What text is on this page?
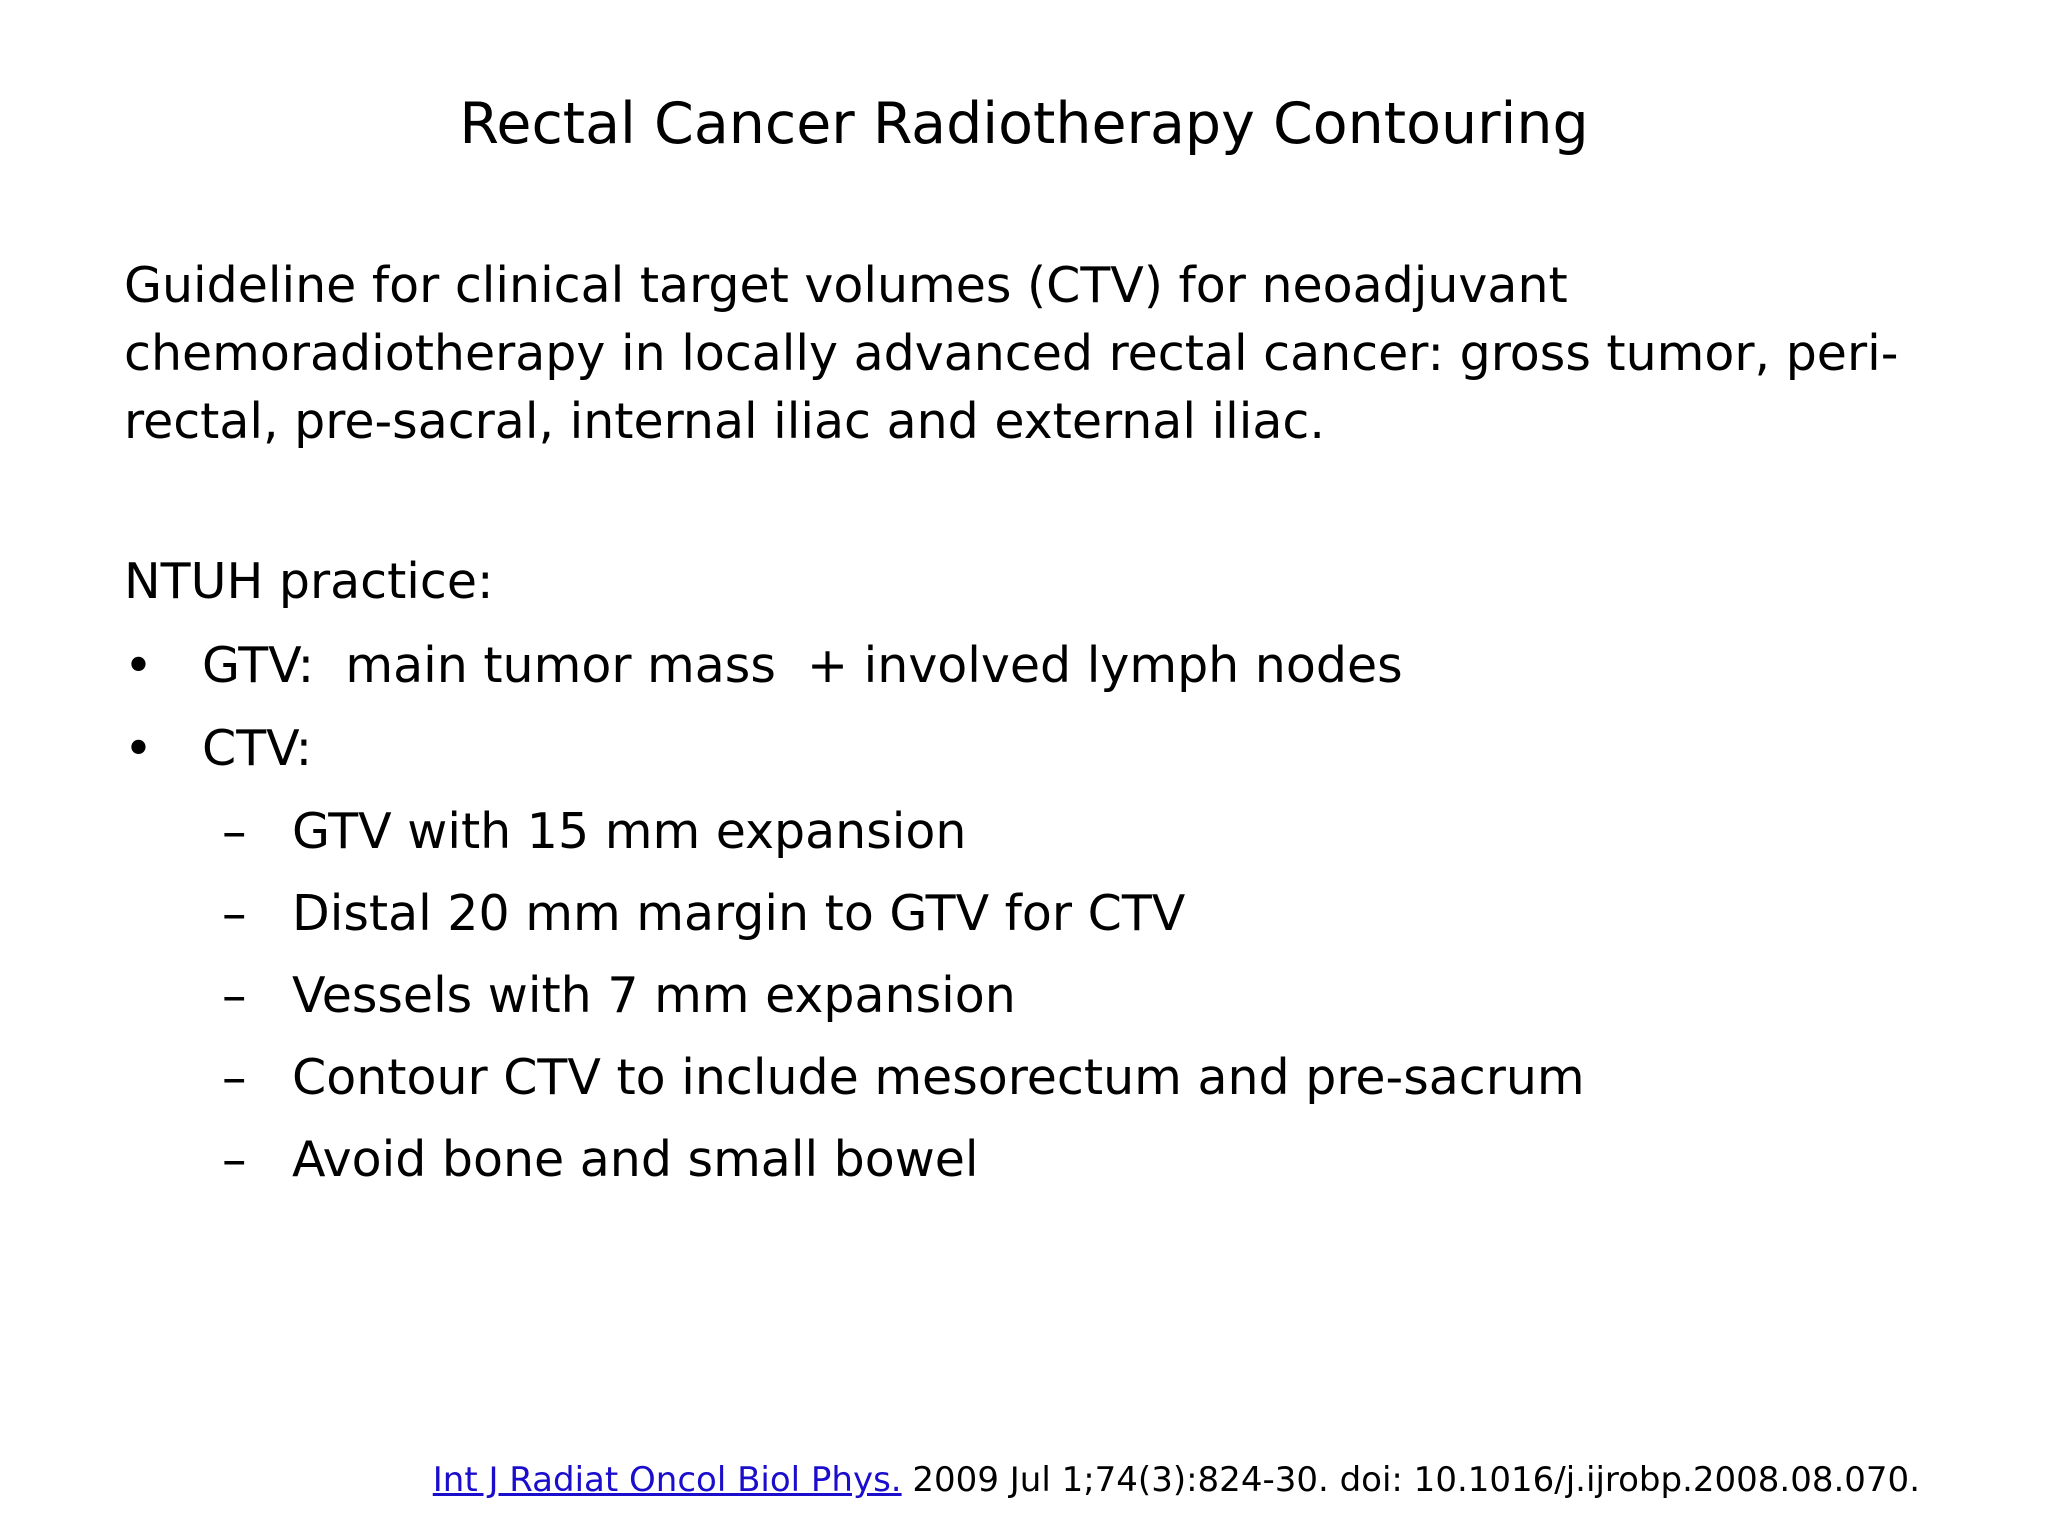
Rectal Cancer Radiotherapy Contouring

Guideline for clinical target volumes (CTV) for neoadjuvant chemoradiotherapy in locally advanced rectal cancer: gross tumor, peri-rectal, pre-sacral, internal iliac and external iliac.

NTUH practice:

• GTV:  main tumor mass  + involved lymph nodes
• CTV:
– GTV with 15 mm expansion
– Distal 20 mm margin to GTV for CTV
– Vessels with 7 mm expansion
– Contour CTV to include mesorectum and pre-sacrum
– Avoid bone and small bowel
Int J Radiat Oncol Biol Phys. 2009 Jul 1;74(3):824-30. doi: 10.1016/j.ijrobp.2008.08.070.
